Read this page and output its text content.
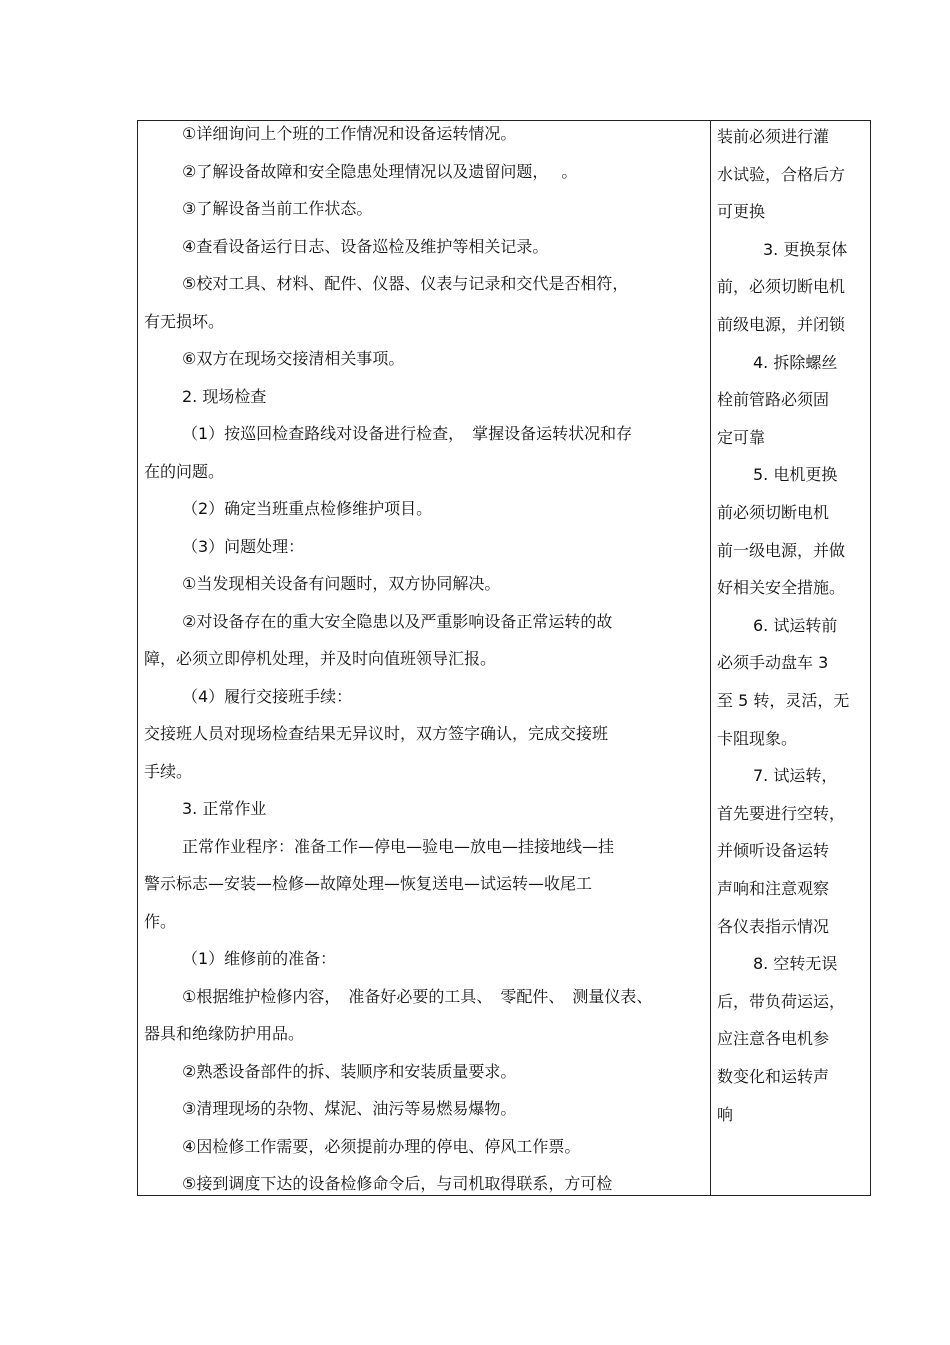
①详细询问上个班的工作情况和设备运转情况。
②了解设备故障和安全隐患处理情况以及遗留问题，　 。
③了解设备当前工作状态。
④查看设备运行日志、设备巡检及维护等相关记录。
⑤校对工具、材料、配件、仪器、仪表与记录和交代是否相符，
有无损坏。
⑥双方在现场交接清相关事项。
2. 现场检查
（1）按巡回检查路线对设备进行检查，　掌握设备运转状况和存
在的问题。
（2）确定当班重点检修维护项目。
（3）问题处理：
①当发现相关设备有问题时，双方协同解决。
②对设备存在的重大安全隐患以及严重影响设备正常运转的故
障，必须立即停机处理，并及时向值班领导汇报。
（4）履行交接班手续：
交接班人员对现场检查结果无异议时，双方签字确认，完成交接班
手续。
3. 正常作业
正常作业程序：准备工作—停电—验电—放电—挂接地线—挂
警示标志—安装—检修—故障处理—恢复送电—试运转—收尾工
作。
（1）维修前的准备：
①根据维护检修内容，　准备好必要的工具、　零配件、　测量仪表、
器具和绝缘防护用品。
②熟悉设备部件的拆、装顺序和安装质量要求。
③清理现场的杂物、煤泥、油污等易燃易爆物。
④因检修工作需要，必须提前办理的停电、停风工作票。
⑤接到调度下达的设备检修命令后，与司机取得联系，方可检
装前必须进行灌
水试验，合格后方
可更换
3. 更换泵体
前，必须切断电机
前级电源，并闭锁
4. 拆除螺丝
栓前管路必须固
定可靠
5. 电机更换
前必须切断电机
前一级电源，并做
好相关安全措施。
6. 试运转前
必须手动盘车 3
至 5 转，灵活，无
卡阻现象。
7. 试运转，
首先要进行空转，
并倾听设备运转
声响和注意观察
各仪表指示情况
8. 空转无误
后，带负荷运运，
应注意各电机参
数变化和运转声
响
